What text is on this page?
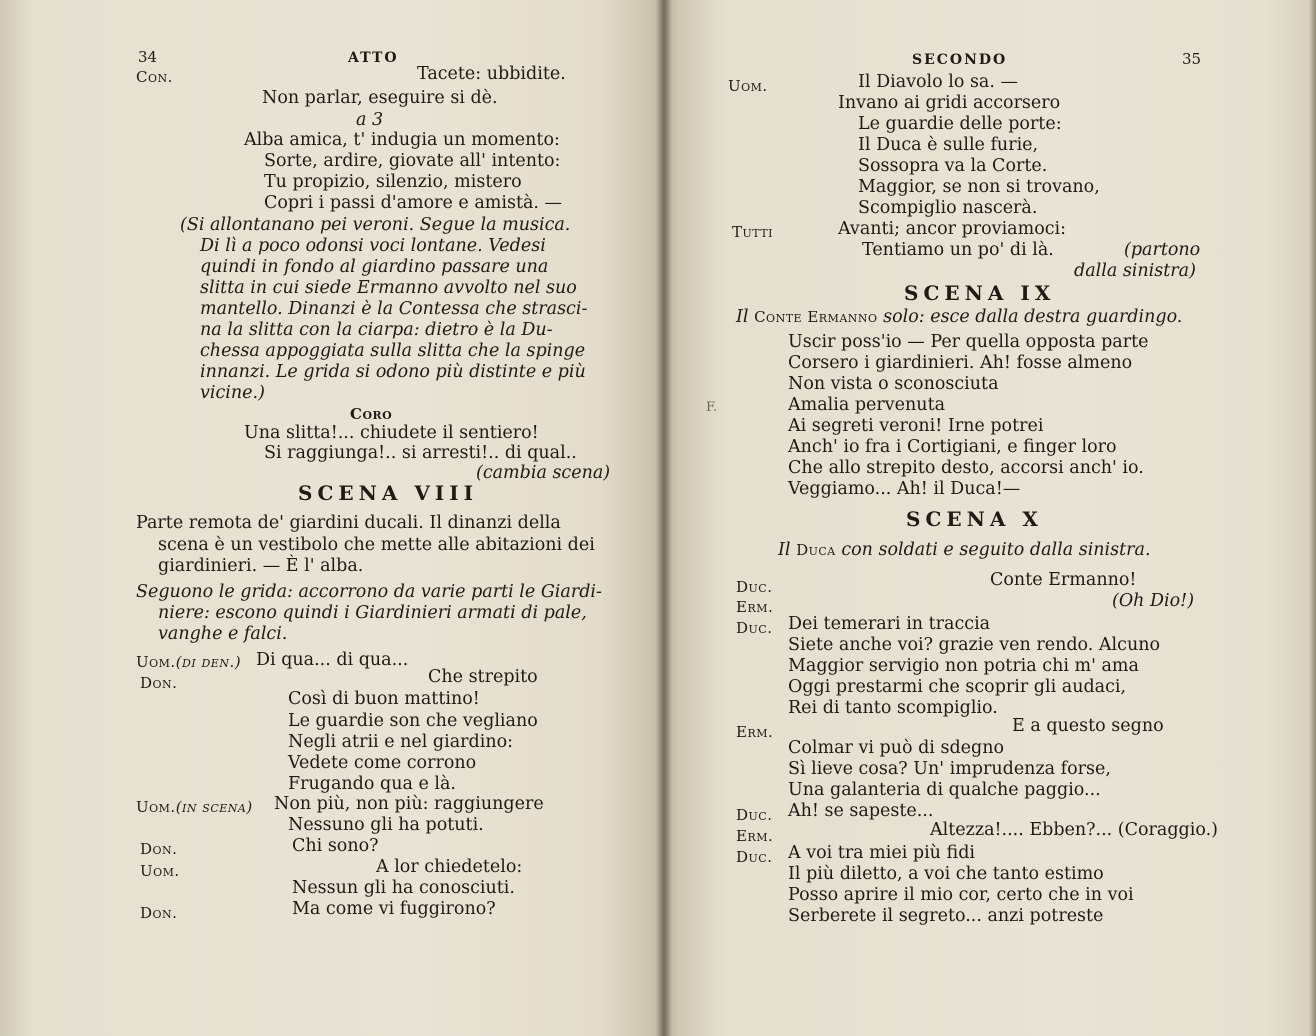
34	ATTO
Con.	Tacete: ubbidite.
Non parlar, eseguire si dè.
a 3
Alba amica, t' indugia un momento:
Sorte, ardire, giovate all' intento:
Tu propizio, silenzio, mistero
Copri i passi d'amore e amistà. —
(Si allontanano pei veroni. Segue la musica.
Di lì a poco odonsi voci lontane. Vedesi
quindi in fondo al giardino passare una
slitta in cui siede Ermanno avvolto nel suo
mantello. Dinanzi è la Contessa che strasci-
na la slitta con la ciarpa: dietro è la Du-
chessa appoggiata sulla slitta che la spinge
innanzi. Le grida si odono più distinte e più
vicine.)
Coro
Una slitta!... chiudete il sentiero!
Si raggiunga!.. si arresti!.. di qual..
(cambia scena)
SCENA VIII
Parte remota de' giardini ducali. Il dinanzi della
scena è un vestibolo che mette alle abitazioni dei
giardinieri. — È l' alba.
Seguono le grida: accorrono da varie parti le Giardi-
niere: escono quindi i Giardinieri armati di pale,
vanghe e falci.
Uom.(di den.) Di qua... di qua...
Don.	Che strepito
Così di buon mattino!
Le guardie son che vegliano
Negli atrii e nel giardino:
Vedete come corrono
Frugando qua e là.
Uom.(in scena) Non più, non più: raggiungere
Nessuno gli ha potuti.
Don.	Chi sono?
Uom.	A lor chiedetelo:
Nessun gli ha conosciuti.
Don.	Ma come vi fuggirono?
SECONDO	35
Uom.	Il Diavolo lo sa. —
Invano ai gridi accorsero
Le guardie delle porte:
Il Duca è sulle furie,
Sossopra va la Corte.
Maggior, se non si trovano,
Scompiglio nascerà.
Tutti	Avanti; ancor proviamoci:
Tentiamo un po' di là.	(partono
dalla sinistra)
SCENA IX
Il Conte Ermanno solo: esce dalla destra guardingo.
Uscir poss'io — Per quella opposta parte
Corsero i giardinieri. Ah! fosse almeno
Non vista o sconosciuta
F.	Amalia pervenuta
Ai segreti veroni! Irne potrei
Anch' io fra i Cortigiani, e finger loro
Che allo strepito desto, accorsi anch' io.
Veggiamo... Ah! il Duca!—
SCENA X
Il Duca con soldati e seguito dalla sinistra.
Duc.	Conte Ermanno!
Erm.	(Oh Dio!)
Duc. Dei temerari in traccia
Siete anche voi? grazie ven rendo. Alcuno
Maggior servigio non potria chi m' ama
Oggi prestarmi che scoprir gli audaci,
Rei di tanto scompiglio.
Erm.	E a questo segno
Colmar vi può di sdegno
Sì lieve cosa? Un' imprudenza forse,
Una galanteria di qualche paggio...
Duc. Ah! se sapeste...
Erm.	Altezza!.... Ebben?... (Coraggio.)
Duc. A voi tra miei più fidi
Il più diletto, a voi che tanto estimo
Posso aprire il mio cor, certo che in voi
Serberete il segreto... anzi potreste
